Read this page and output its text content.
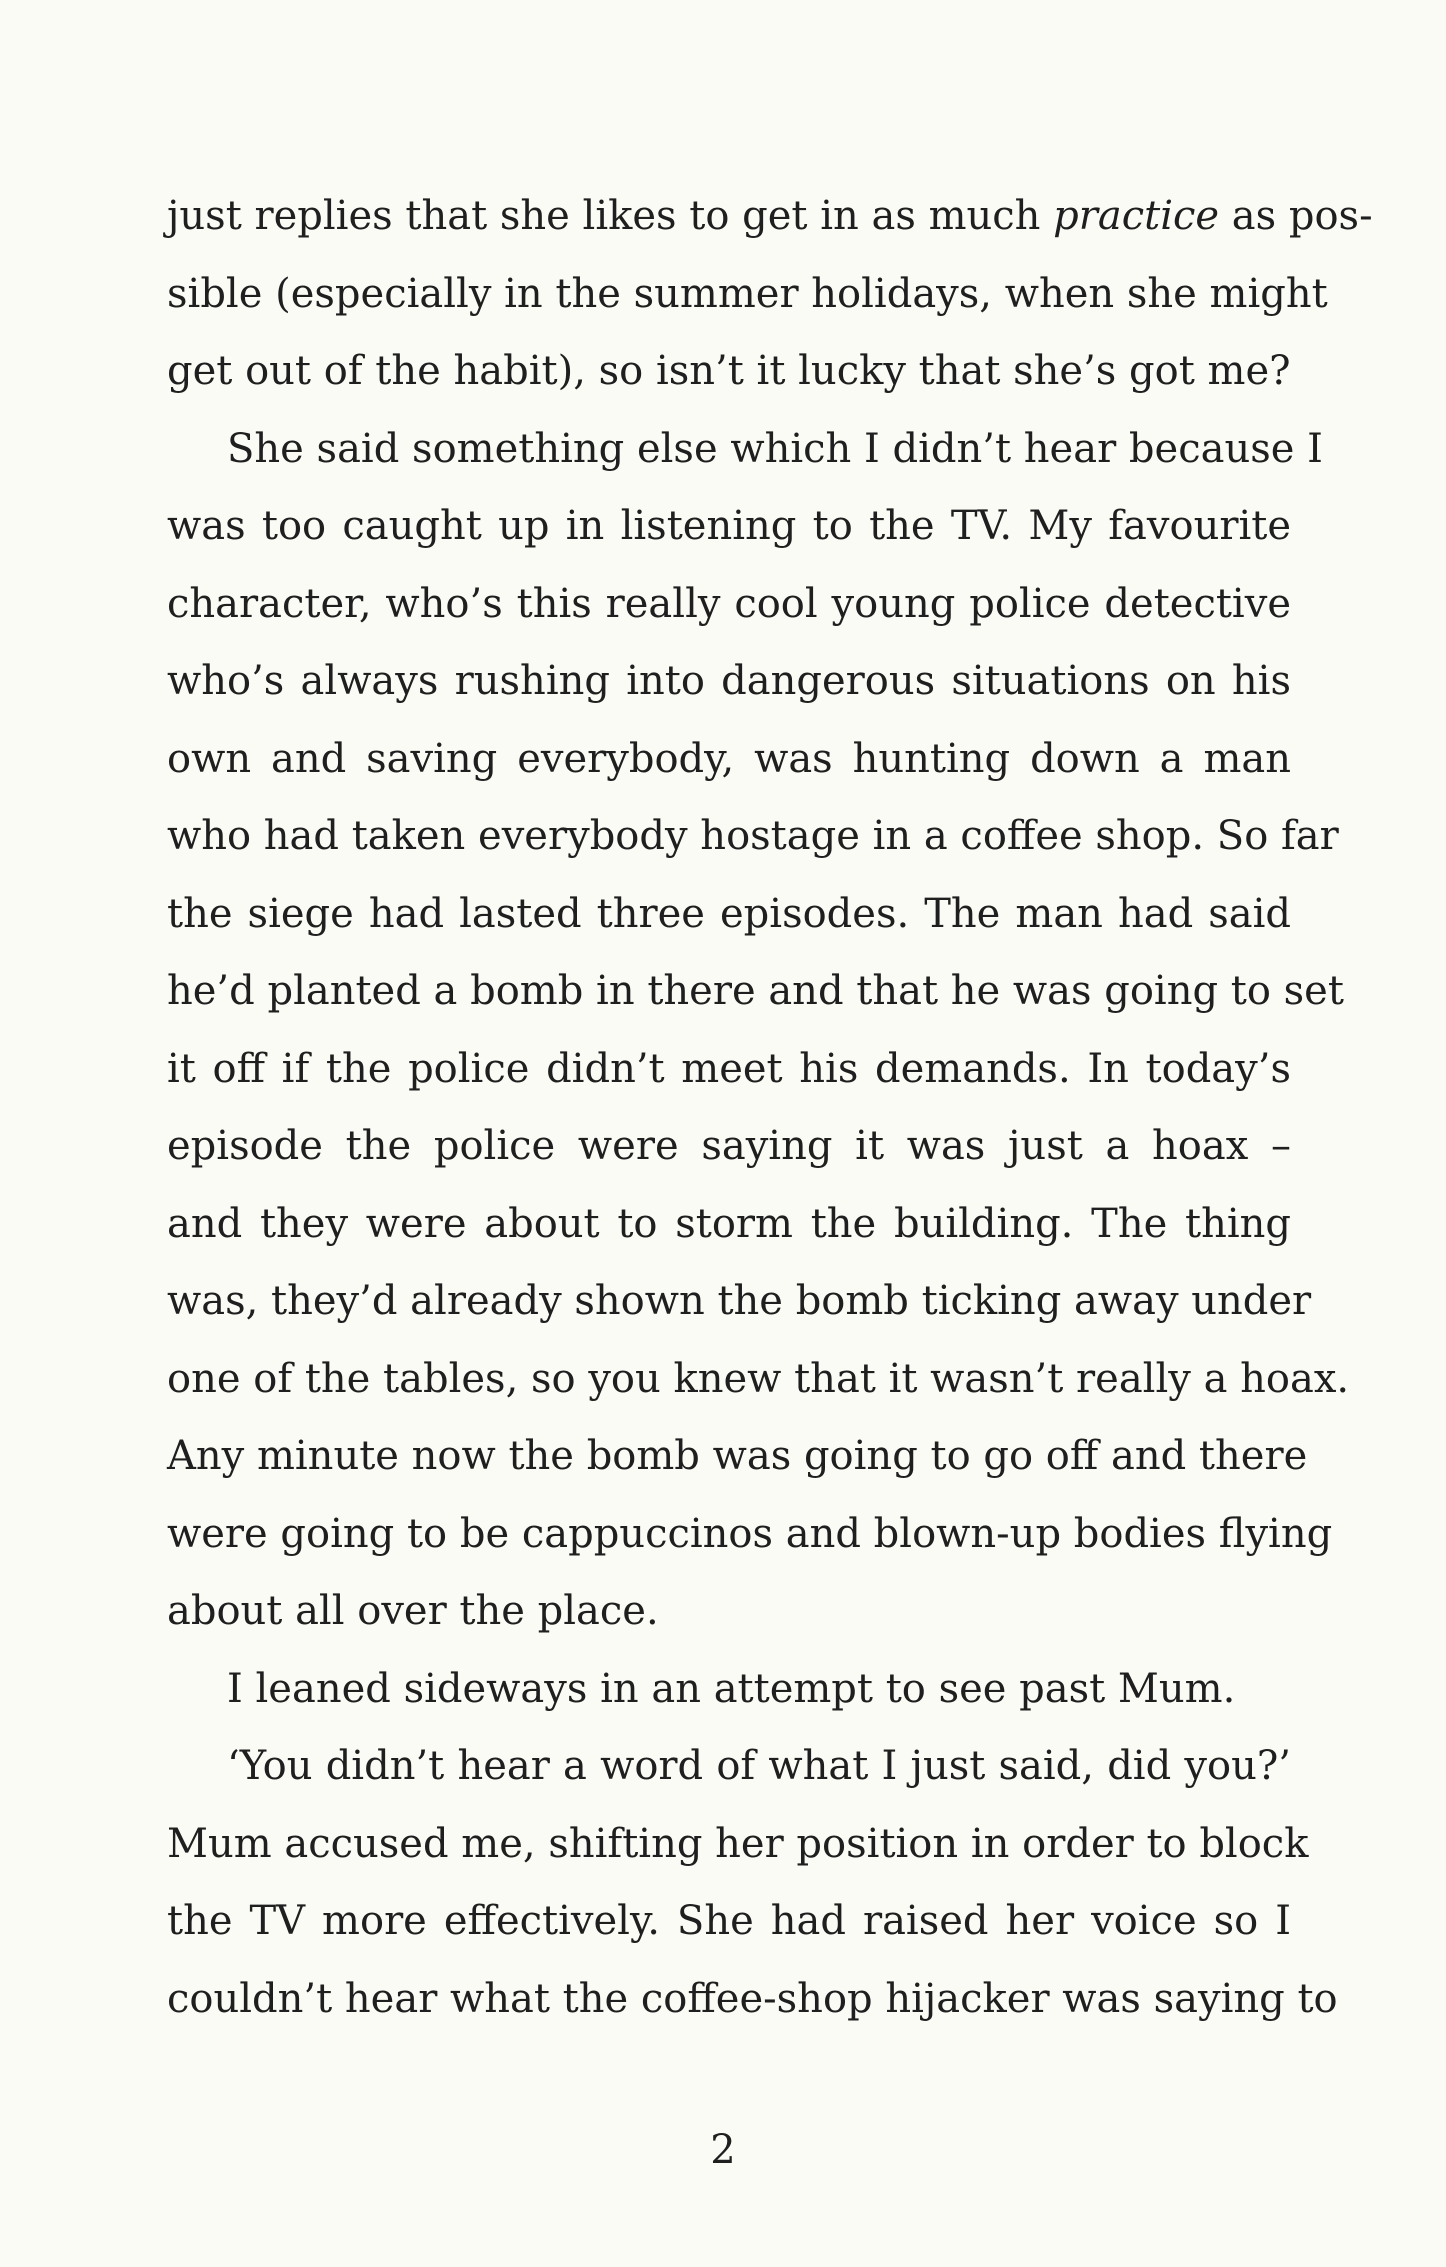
just replies that she likes to get in as much practice as pos-
sible (especially in the summer holidays, when she might
get out of the habit), so isn’t it lucky that she’s got me?
She said something else which I didn’t hear because I
was too caught up in listening to the TV. My favourite
character, who’s this really cool young police detective
who’s always rushing into dangerous situations on his
own and saving everybody, was hunting down a man
who had taken everybody hostage in a coffee shop. So far
the siege had lasted three episodes. The man had said
he’d planted a bomb in there and that he was going to set
it off if the police didn’t meet his demands. In today’s
episode the police were saying it was just a hoax –
and they were about to storm the building. The thing
was, they’d already shown the bomb ticking away under
one of the tables, so you knew that it wasn’t really a hoax.
Any minute now the bomb was going to go off and there
were going to be cappuccinos and blown-up bodies flying
about all over the place.
I leaned sideways in an attempt to see past Mum.
‘You didn’t hear a word of what I just said, did you?’
Mum accused me, shifting her position in order to block
the TV more effectively. She had raised her voice so I
couldn’t hear what the coffee-shop hijacker was saying to
2
